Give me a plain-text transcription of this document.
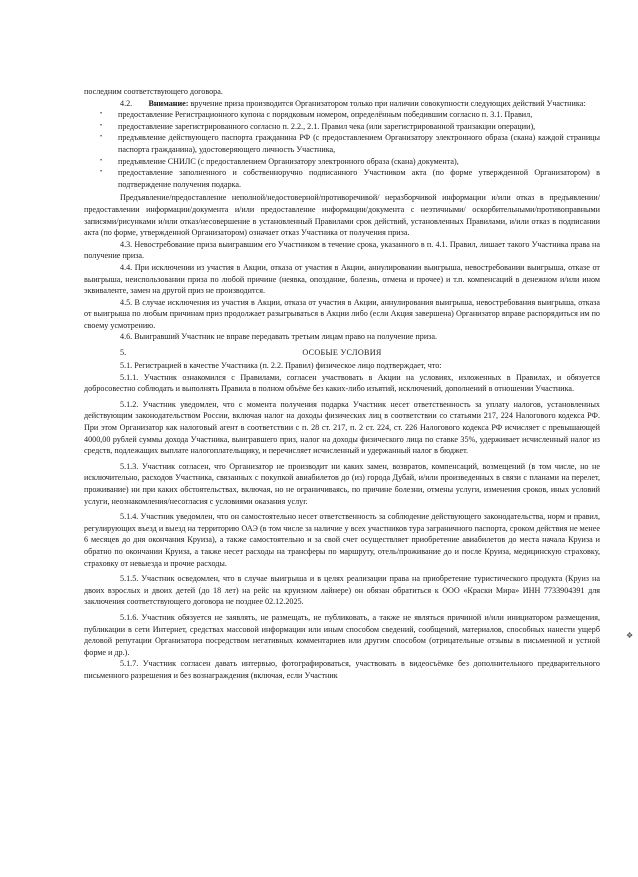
последним соответствующего договора.

4.2. Внимание: вручение приза производится Организатором только при наличии совокупности следующих действий Участника:

•	предоставление Регистрационного купона с порядковым номером, определённым победившим согласно п. 3.1. Правил,
•	предоставление зарегистрированного согласно п. 2.2., 2.1. Правил чека (или зарегистрированной транзакции операции),
•	предъявление действующего паспорта гражданина РФ (с предоставлением Организатору электронного образа (скана) каждой страницы паспорта гражданина), удостоверяющего личность Участника,
•	предъявление СНИЛС (с предоставлением Организатору электронного образа (скана) документа),
•	предоставление заполненного и собственноручно подписанного Участником акта (по форме утвержденной Организатором) в подтверждение получения подарка.

Предъявление/предоставление неполной/недостоверной/противоречивой/ неразборчивой информации и/или отказ в предъявлении/предоставлении информации/документа и/или предоставление информации/документа с неэтичными/ оскорбительными/противоправными записями/рисунками и/или отказ/несовершение в установленный Правилами срок действий, установленных Правилами, и/или отказ в подписании акта (по форме, утвержденной Организатором) означает отказ Участника от получения приза.

4.3. Невостребование приза выигравшим его Участником в течение срока, указанного в п. 4.1. Правил, лишает такого Участника права на получение приза.

4.4. При исключении из участия в Акции, отказа от участия в Акции, аннулировании выигрыша, невостребовании выигрыша, отказе от выигрыша, неиспользовании приза по любой причине (неявка, опоздание, болезнь, отмена и прочее) и т.п. компенсаций в денежном и/или ином эквиваленте, замен на другой приз не производится.

4.5. В случае исключения из участия в Акции, отказа от участия в Акции, аннулирования выигрыша, невостребования выигрыша, отказа от выигрыша по любым причинам приз продолжает разыгрываться в Акции либо (если Акция завершена) Организатор вправе распорядиться им по своему усмотрению.

4.6. Выигравший Участник не вправе передавать третьим лицам право на получение приза.

5.	ОСОБЫЕ УСЛОВИЯ

5.1. Регистрацией в качестве Участника (п. 2.2. Правил) физическое лицо подтверждает, что:

5.1.1. Участник ознакомился с Правилами, согласен участвовать в Акции на условиях, изложенных в Правилах, и обязуется добросовестно соблюдать и выполнять Правила в полном объёме без каких-либо изъятий, исключений, дополнений в отношении Участника.

5.1.2. Участник уведомлен, что с момента получения подарка Участник несет ответственность за уплату налогов, установленных действующим законодательством России, включая налог на доходы физических лиц в соответствии со статьями 217, 224 Налогового кодекса РФ. При этом Организатор как налоговый агент в соответствии с п. 28 ст. 217, п. 2 ст. 224, ст. 226 Налогового кодекса РФ исчисляет с превышающей 4000,00 рублей суммы дохода Участника, выигравшего приз, налог на доходы физического лица по ставке 35%, удерживает исчисленный налог из средств, подлежащих выплате налогоплательщику, и перечисляет исчисленный и удержанный налог в бюджет.

5.1.3. Участник согласен, что Организатор не производит ни каких замен, возвратов, компенсаций, возмещений (в том числе, но не исключительно, расходов Участника, связанных с покупкой авиабилетов до (из) города Дубай, и/или произведенных в связи с планами на перелет, проживание) ни при каких обстоятельствах, включая, но не ограничиваясь, по причине болезни, отмены услуги, изменения сроков, иных условий услуги, неознакомления/несогласия с условиями оказания услуг.

5.1.4. Участник уведомлен, что он самостоятельно несет ответственность за соблюдение действующего законодательства, норм и правил, регулирующих въезд и выезд на территорию ОАЭ (в том числе за наличие у всех участников тура заграничного паспорта, сроком действия не менее 6 месяцев до дня окончания Круиза), а также самостоятельно и за свой счет осуществляет приобретение авиабилетов до места начала Круиза и обратно по окончании Круиза, а также несет расходы на трансферы по маршруту, отель/проживание до и после Круиза, медицинскую страховку, страховку от невыезда и прочие расходы.

5.1.5. Участник осведомлен, что в случае выигрыша и в целях реализации права на приобретение туристического продукта (Круиз на двоих взрослых и двоих детей (до 18 лет) на рейс на круизном лайнере) он обязан обратиться к ООО «Краски Мира» ИНН 7733904391 для заключения соответствующего договора не позднее 02.12.2025.

5.1.6. Участник обязуется не заявлять, не размещать, не публиковать, а также не являться причиной и/или инициатором размещения, публикации в сети Интернет, средствах массовой информации или иным способом сведений, сообщений, материалов, способных нанести ущерб деловой репутации Организатора посредством негативных комментариев или другим способом (отрицательные отзывы в письменной и устной форме и др.).

5.1.7. Участник согласен давать интервью, фотографироваться, участвовать в видеосъёмке без дополнительного предварительного письменного разрешения и без вознаграждения (включая, если Участник

❖
